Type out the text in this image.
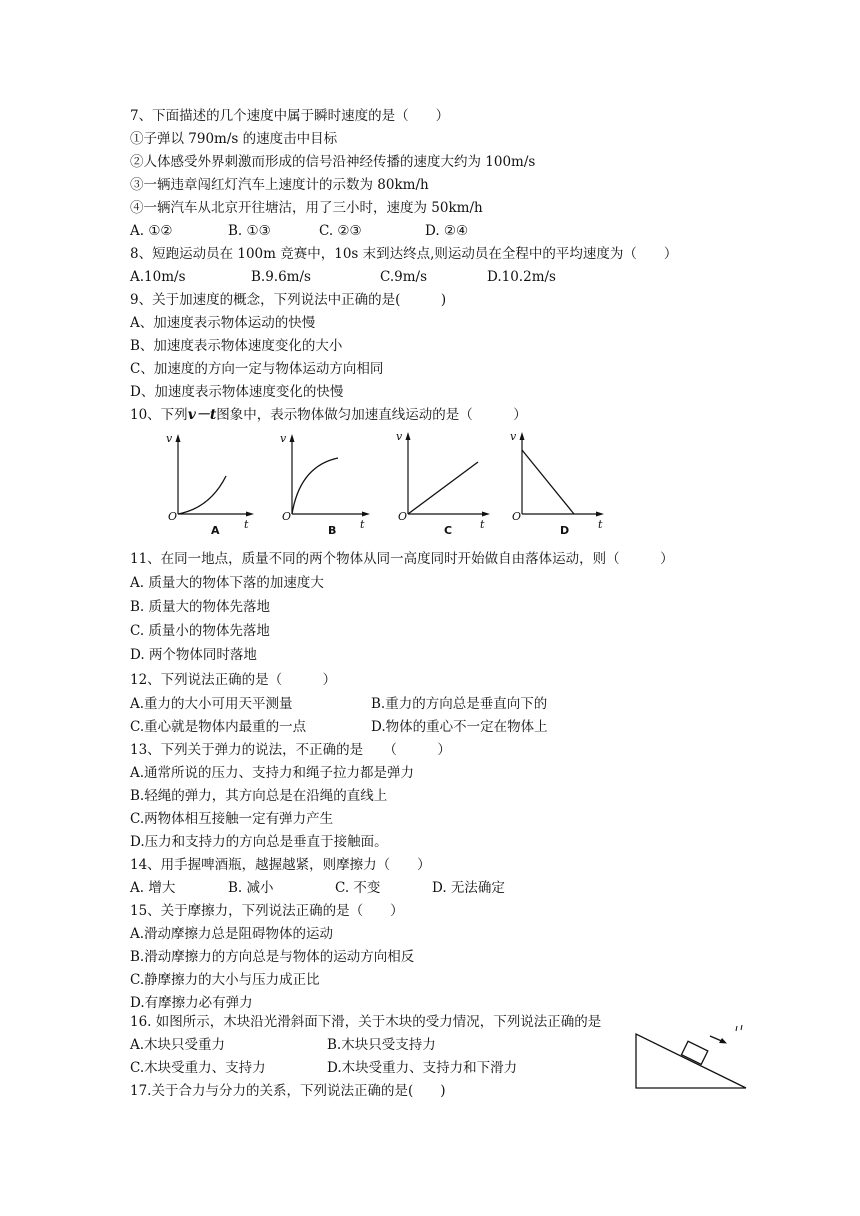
7、下面描述的几个速度中属于瞬时速度的是（　　）
①子弹以 790m/s 的速度击中目标
②人体感受外界刺激而形成的信号沿神经传播的速度大约为 100m/s
③一辆违章闯红灯汽车上速度计的示数为 80km/h
④一辆汽车从北京开往塘沽，用了三小时，速度为 50km/h
A. ①②	B. ①③	C. ②③	D. ②④
8、短跑运动员在 100m 竞赛中，10s 末到达终点,则运动员在全程中的平均速度为（　　）
A.10m/s	B.9.6m/s	C.9m/s	D.10.2m/s
9、关于加速度的概念，下列说法中正确的是(　　　)
A、加速度表示物体运动的快慢
B、加速度表示物体速度变化的大小
C、加速度的方向一定与物体运动方向相同
D、加速度表示物体速度变化的快慢
10、下列v－t图象中，表示物体做匀加速直线运动的是（　　　）
v
O
t
A
v
O
t
B
v
O
t
C
v
O
t
D
11、在同一地点，质量不同的两个物体从同一高度同时开始做自由落体运动，则（　　　）
A. 质量大的物体下落的加速度大
B. 质量大的物体先落地
C. 质量小的物体先落地
D. 两个物体同时落地
12、下列说法正确的是（　　　）
A.重力的大小可用天平测量	B.重力的方向总是垂直向下的
C.重心就是物体内最重的一点	D.物体的重心不一定在物体上
13、下列关于弹力的说法，不正确的是　　（　　　）
A.通常所说的压力、支持力和绳子拉力都是弹力
B.轻绳的弹力，其方向总是在沿绳的直线上
C.两物体相互接触一定有弹力产生
D.压力和支持力的方向总是垂直于接触面。
14、用手握啤酒瓶，越握越紧，则摩擦力（　　）
A. 增大	B. 减小	C. 不变	D. 无法确定
15、关于摩擦力，下列说法正确的是（　　）
A.滑动摩擦力总是阻碍物体的运动
B.滑动摩擦力的方向总是与物体的运动方向相反
C.静摩擦力的大小与压力成正比
D.有摩擦力必有弹力
16. 如图所示，木块沿光滑斜面下滑，关于木块的受力情况，下列说法正确的是
A.木块只受重力	B.木块只受支持力
C.木块受重力、支持力	D.木块受重力、支持力和下滑力
17.关于合力与分力的关系，下列说法正确的是(　　)
